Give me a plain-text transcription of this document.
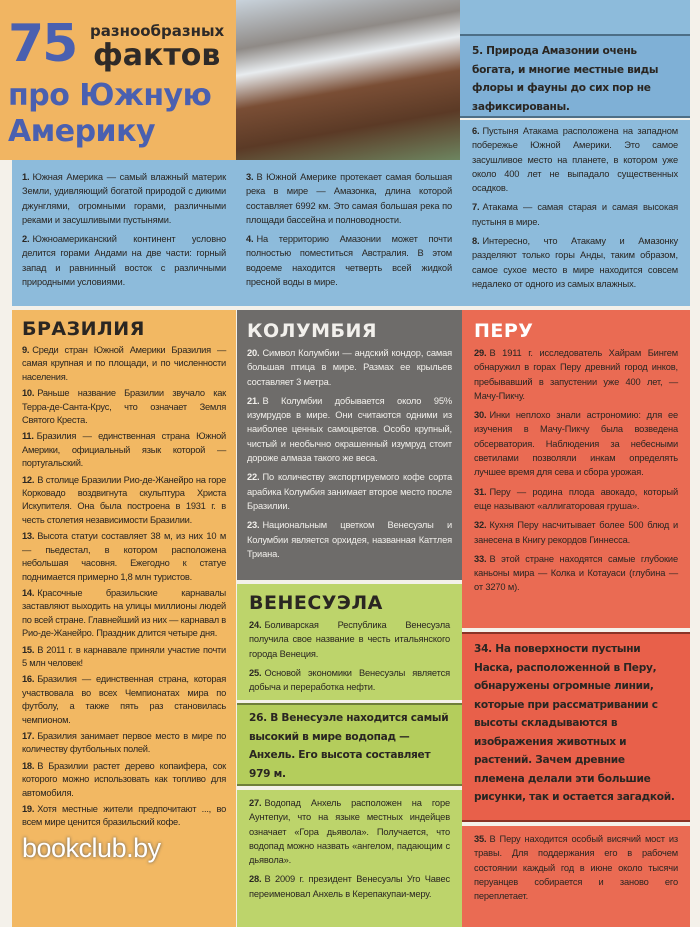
75 разнообразных
фактов
про Южную
Америку

1. Южная Америка — самый влажный материк Земли, удивляющий богатой природой с дикими джунглями, огромными горами, различными реками и засушливыми пустынями.

2. Южноамериканский континент условно делится горами Андами на две части: горный запад и равнинный восток с различными природными условиями.

3. В Южной Америке протекает самая большая река в мире — Амазонка, длина которой составляет 6992 км. Это самая большая река по площади бассейна и полноводности.

4. На территорию Амазонии может почти полностью поместиться Австралия. В этом водоеме находится четверть всей жидкой пресной воды в мире.

5. Природа Амазонии очень богата, и многие местные виды флоры и фауны до сих пор не зафиксированы.

6. Пустыня Атакама расположена на западном побережье Южной Америки. Это самое засушливое место на планете, в котором уже около 400 лет не выпадало существенных осадков.

7. Атакама — самая старая и самая высокая пустыня в мире.

8. Интересно, что Атакаму и Амазонку разделяют только горы Анды, таким образом, самое сухое место в мире находится совсем недалеко от одного из самых влажных.

БРАЗИЛИЯ

9. Среди стран Южной Америки Бразилия — самая крупная и по площади, и по численности населения.

10. Раньше название Бразилии звучало как Терра-де-Санта-Крус, что означает Земля Святого Креста.

11. Бразилия — единственная страна Южной Америки, официальный язык которой — португальский.

12. В столице Бразилии Рио-де-Жанейро на горе Корковадо воздвигнута скульптура Христа Искупителя. Она была построена в 1931 г. в честь столетия независимости Бразилии.

13. Высота статуи составляет 38 м, из них 10 м — пьедестал, в котором расположена небольшая часовня. Ежегодно к статуе поднимается примерно 1,8 млн туристов.

14. Красочные бразильские карнавалы заставляют выходить на улицы миллионы людей по всей стране. Главнейший из них — карнавал в Рио-де-Жанейро. Праздник длится четыре дня.

15. В 2011 г. в карнавале приняли участие почти 5 млн человек!

16. Бразилия — единственная страна, которая участвовала во всех Чемпионатах мира по футболу, а также пять раз становилась чемпионом.

17. Бразилия занимает первое место в мире по количеству футбольных полей.

18. В Бразилии растет дерево копаифера, сок которого можно использовать как топливо для автомобиля.

19. Хотя местные жители предпочитают ..., во всем мире ценится бразильский кофе.

bookclub.by
КОЛУМБИЯ

20. Символ Колумбии — андский кондор, самая большая птица в мире. Размах ее крыльев составляет 3 метра.

21. В Колумбии добывается около 95% изумрудов в мире. Они считаются одними из наиболее ценных самоцветов. Особо крупный, чистый и необычно окрашенный изумруд стоит дороже алмаза такого же веса.

22. По количеству экспортируемого кофе сорта арабика Колумбия занимает второе место после Бразилии.

23. Национальным цветком Венесуэлы и Колумбии является орхидея, названная Каттлея Триана.

ВЕНЕСУЭЛА

24. Боливарская Республика Венесуэла получила свое название в честь итальянского города Венеция.

25. Основой экономики Венесуэлы является добыча и переработка нефти.

26. В Венесуэле находится самый высокий в мире водопад — Анхель. Его высота составляет 979 м.

27. Водопад Анхель расположен на горе Аунтепуи, что на языке местных индейцев означает «Гора дьявола». Получается, что водопад можно назвать «ангелом, падающим с дьявола».

28. В 2009 г. президент Венесуэлы Уго Чавес переименовал Анхель в Керепакупаи-меру.

ПЕРУ

29. В 1911 г. исследователь Хайрам Бингем обнаружил в горах Перу древний город инков, пребывавший в запустении уже 400 лет, — Мачу-Пикчу.

30. Инки неплохо знали астрономию: для ее изучения в Мачу-Пикчу была возведена обсерватория. Наблюдения за небесными светилами позволяли инкам определять лучшее время для сева и сбора урожая.

31. Перу — родина плода авокадо, который еще называют «аллигаторовая груша».

32. Кухня Перу насчитывает более 500 блюд и занесена в Книгу рекордов Гиннесса.

33. В этой стране находятся самые глубокие каньоны мира — Колка и Котауаси (глубина — от 3270 м).

34. На поверхности пустыни Наска, расположенной в Перу, обнаружены огромные линии, которые при рассматривании с высоты складываются в изображения животных и растений. Зачем древние племена делали эти большие рисунки, так и остается загадкой.

35. В Перу находится особый висячий мост из травы. Для поддержания его в рабочем состоянии каждый год в июне около тысячи перуанцев собирается и заново его переплетает.
